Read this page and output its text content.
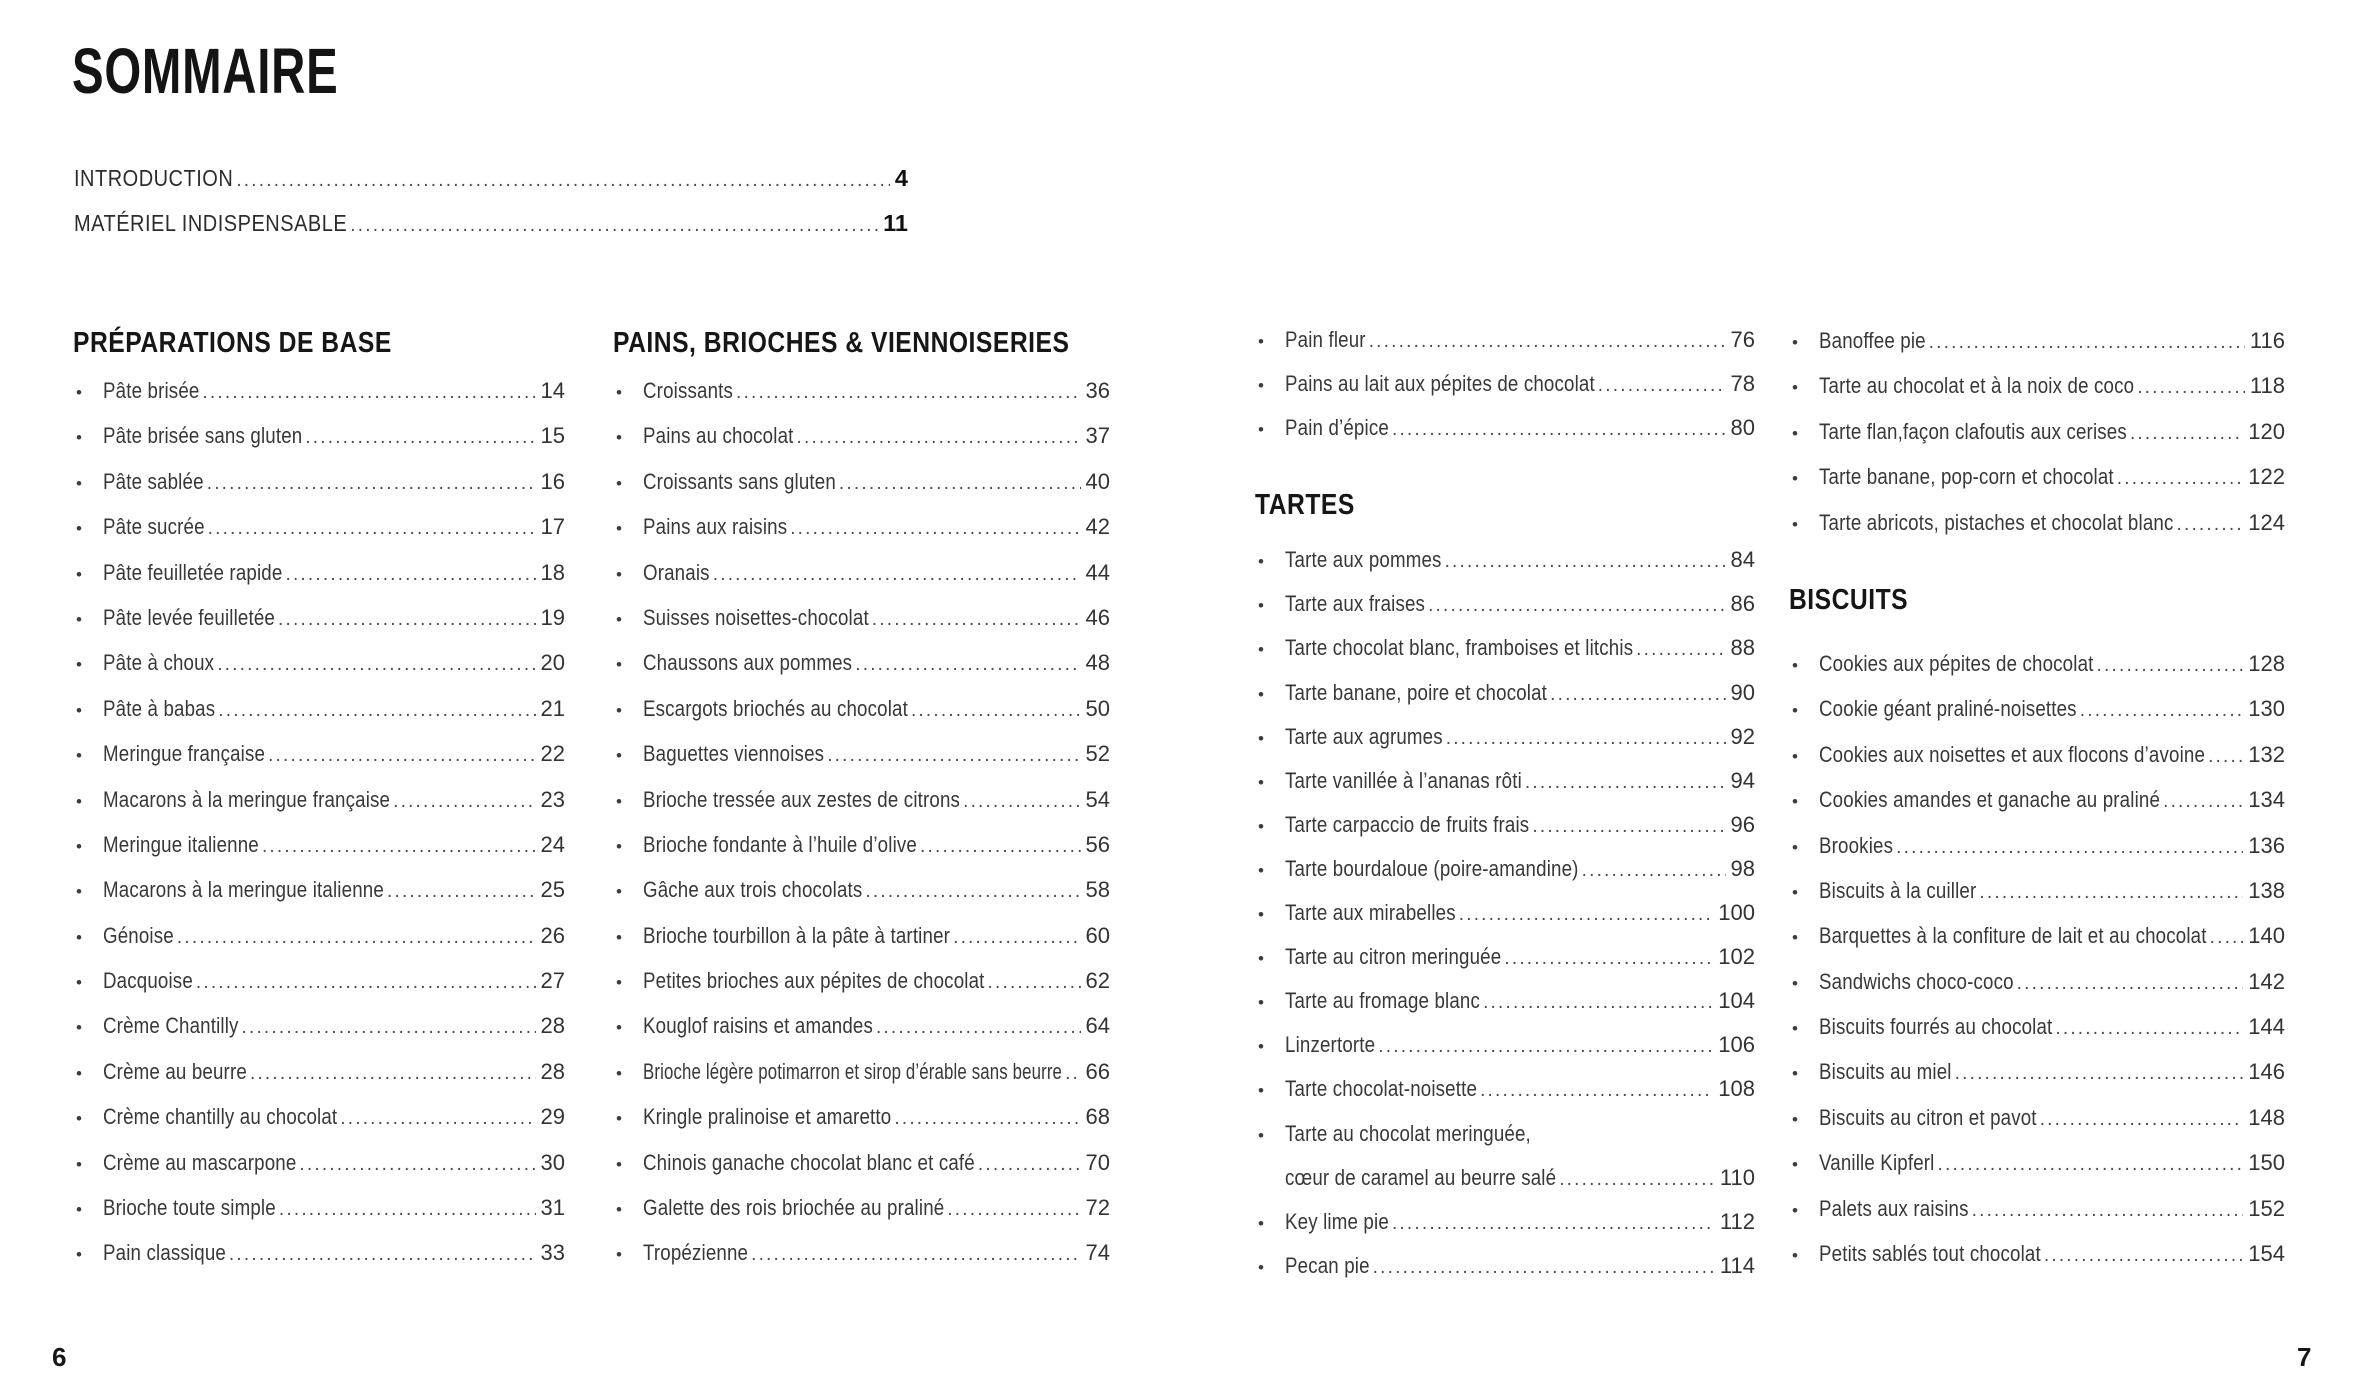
SOMMAIRE
INTRODUCTION .....	4
MATÉRIEL INDISPENSABLE .....	11
PRÉPARATIONS DE BASE
• Pâte brisée .....	14
• Pâte brisée sans gluten .....	15
• Pâte sablée .....	16
• Pâte sucrée .....	17
• Pâte feuilletée rapide .....	18
• Pâte levée feuilletée .....	19
• Pâte à choux .....	20
• Pâte à babas .....	21
• Meringue française .....	22
• Macarons à la meringue française .....	23
• Meringue italienne .....	24
• Macarons à la meringue italienne .....	25
• Génoise .....	26
• Dacquoise .....	27
• Crème Chantilly .....	28
• Crème au beurre .....	28
• Crème chantilly au chocolat .....	29
• Crème au mascarpone .....	30
• Brioche toute simple .....	31
• Pain classique .....	33
PAINS, BRIOCHES & VIENNOISERIES
• Croissants .....	36
• Pains au chocolat .....	37
• Croissants sans gluten .....	40
• Pains aux raisins .....	42
• Oranais .....	44
• Suisses noisettes-chocolat .....	46
• Chaussons aux pommes .....	48
• Escargots briochés au chocolat .....	50
• Baguettes viennoises .....	52
• Brioche tressée aux zestes de citrons .....	54
• Brioche fondante à l’huile d’olive .....	56
• Gâche aux trois chocolats .....	58
• Brioche tourbillon à la pâte à tartiner .....	60
• Petites brioches aux pépites de chocolat .....	62
• Kouglof raisins et amandes .....	64
• Brioche légère potimarron et sirop d’érable sans beurre ..... 66
• Kringle pralinoise et amaretto .....	68
• Chinois ganache chocolat blanc et café .....	70
• Galette des rois briochée au praliné .....	72
• Tropézienne .....	74
• Pain fleur .....	76
• Pains au lait aux pépites de chocolat .....	78
• Pain d’épice .....	80
TARTES
• Tarte aux pommes .....	84
• Tarte aux fraises .....	86
• Tarte chocolat blanc, framboises et litchis .....	88
• Tarte banane, poire et chocolat .....	90
• Tarte aux agrumes .....	92
• Tarte vanillée à l’ananas rôti .....	94
• Tarte carpaccio de fruits frais .....	96
• Tarte bourdaloue (poire-amandine) .....	98
• Tarte aux mirabelles .....	100
• Tarte au citron meringuée .....	102
• Tarte au fromage blanc .....	104
• Linzertorte .....	106
• Tarte chocolat-noisette .....	108
• Tarte au chocolat meringuée,
cœur de caramel au beurre salé .....	110
• Key lime pie .....	112
• Pecan pie .....	114
• Banoffee pie .....	116
• Tarte au chocolat et à la noix de coco .....	118
• Tarte flan,façon clafoutis aux cerises .....	120
• Tarte banane, pop-corn et chocolat .....	122
• Tarte abricots, pistaches et chocolat blanc .....	124
BISCUITS
• Cookies aux pépites de chocolat .....	128
• Cookie géant praliné-noisettes .....	130
• Cookies aux noisettes et aux flocons d’avoine ..... 132
• Cookies amandes et ganache au praliné .....	134
• Brookies .....	136
• Biscuits à la cuiller .....	138
• Barquettes à la confiture de lait et au chocolat ..... 140
• Sandwichs choco-coco .....	142
• Biscuits fourrés au chocolat .....	144
• Biscuits au miel .....	146
• Biscuits au citron et pavot .....	148
• Vanille Kipferl .....	150
• Palets aux raisins .....	152
• Petits sablés tout chocolat .....	154
6	7
